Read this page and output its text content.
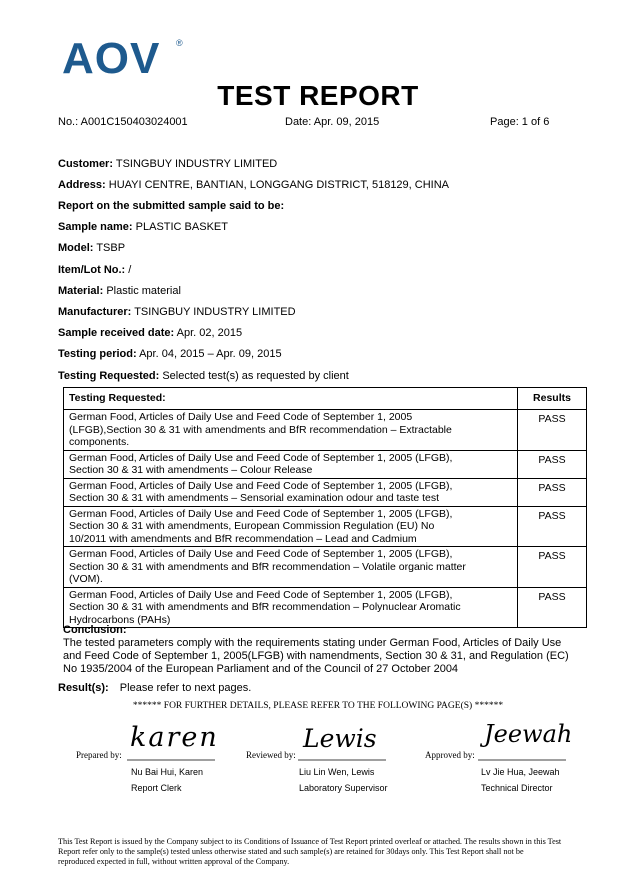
AOV ®
TEST REPORT
No.: A001C150403024001	Date: Apr. 09, 2015	Page: 1 of 6
Customer: TSINGBUY INDUSTRY LIMITED
Address: HUAYI CENTRE, BANTIAN, LONGGANG DISTRICT, 518129, CHINA
Report on the submitted sample said to be:
Sample name: PLASTIC BASKET
Model: TSBP
Item/Lot No.: /
Material: Plastic material
Manufacturer: TSINGBUY INDUSTRY LIMITED
Sample received date: Apr. 02, 2015
Testing period: Apr. 04, 2015 – Apr. 09, 2015
Testing Requested: Selected test(s) as requested by client
Testing Requested:	Results

German Food, Articles of Daily Use and Feed Code of September 1, 2005
(LFGB),Section 30 & 31 with amendments and BfR recommendation – Extractable
components.	PASS

German Food, Articles of Daily Use and Feed Code of September 1, 2005 (LFGB),
Section 30 & 31 with amendments – Colour Release	PASS

German Food, Articles of Daily Use and Feed Code of September 1, 2005 (LFGB),
Section 30 & 31 with amendments – Sensorial examination odour and taste test	PASS

German Food, Articles of Daily Use and Feed Code of September 1, 2005 (LFGB),
Section 30 & 31 with amendments, European Commission Regulation (EU) No
10/2011 with amendments and BfR recommendation – Lead and Cadmium	PASS

German Food, Articles of Daily Use and Feed Code of September 1, 2005 (LFGB),
Section 30 & 31 with amendments and BfR recommendation – Volatile organic matter
(VOM).	PASS

German Food, Articles of Daily Use and Feed Code of September 1, 2005 (LFGB),
Section 30 & 31 with amendments and BfR recommendation – Polynuclear Aromatic
Hydrocarbons (PAHs)	PASS
Conclusion:
The tested parameters comply with the requirements stating under German Food, Articles of Daily Use
and Feed Code of September 1, 2005(LFGB) with namendments, Section 30 & 31, and Regulation (EC)
No 1935/2004 of the European Parliament and of the Council of 27 October 2004
Result(s): Please refer to next pages.
****** FOR FURTHER DETAILS, PLEASE REFER TO THE FOLLOWING PAGE(S) ******
Prepared by:
karen
Nu Bai Hui, Karen
Report Clerk
Reviewed by:
Lewis
Liu Lin Wen, Lewis
Laboratory Supervisor
Approved by:
Jeewah
Lv Jie Hua, Jeewah
Technical Director
This Test Report is issued by the Company subject to its Conditions of Issuance of Test Report printed overleaf or attached. The results shown in this Test
Report refer only to the sample(s) tested unless otherwise stated and such sample(s) are retained for 30days only. This Test Report shall not be
reproduced expected in full, without written approval of the Company.
